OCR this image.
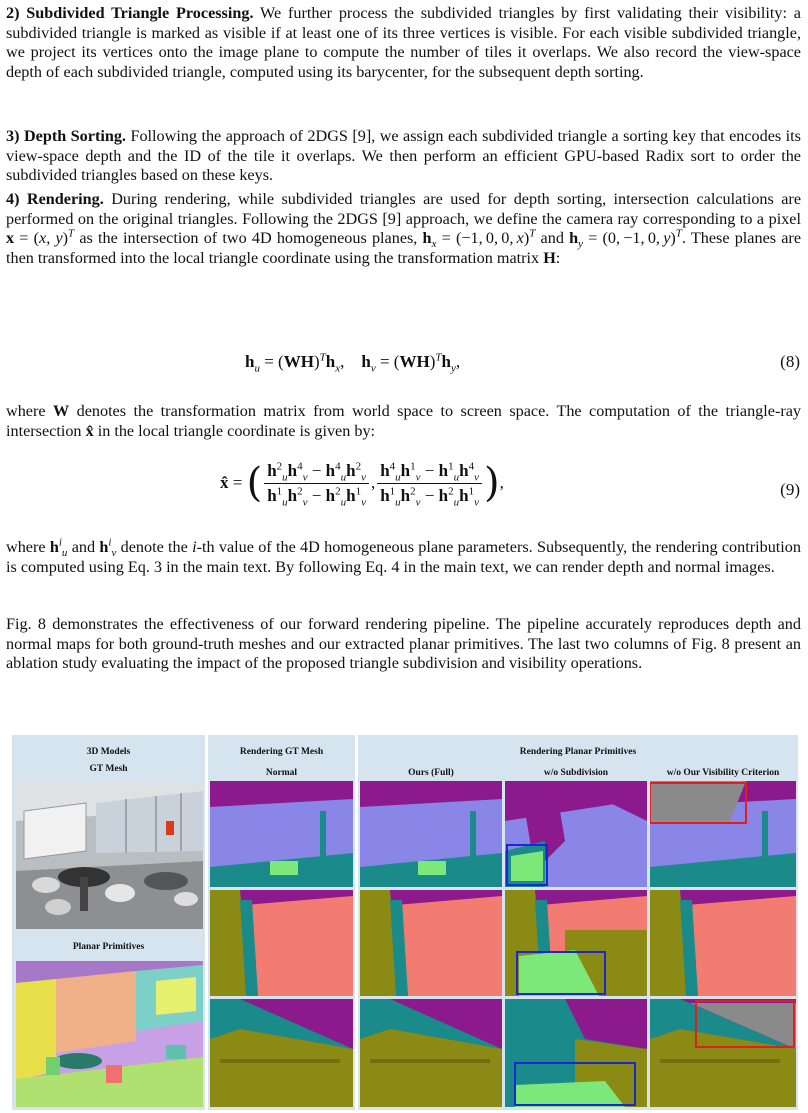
2) Subdivided Triangle Processing. We further process the subdivided triangles by first validating their visibility: a subdivided triangle is marked as visible if at least one of its three vertices is visible. For each visible subdivided triangle, we project its vertices onto the image plane to compute the number of tiles it overlaps. We also record the view-space depth of each subdivided triangle, computed using its barycenter, for the subsequent depth sorting.

3) Depth Sorting. Following the approach of 2DGS [9], we assign each subdivided triangle a sorting key that encodes its view-space depth and the ID of the tile it overlaps. We then perform an efficient GPU-based Radix sort to order the subdivided triangles based on these keys.

4) Rendering. During rendering, while subdivided triangles are used for depth sorting, intersection calculations are performed on the original triangles. Following the 2DGS [9] approach, we define the camera ray corresponding to a pixel x = (x, y)$^T$ as the intersection of two 4D homogeneous planes, $h_x = (-1$, 0, 0, x)$^T$ and $h_y = (0$, −1, 0, y)$^T$. These planes are then transformed into the local triangle coordinate using the transformation matrix H:

$h_u = (WH)^Th_x$,    $h_v = (WH)^Th_y$,	(8)

where W denotes the transformation matrix from world space to screen space. The computation of the triangle-ray intersection x̂ in the local triangle coordinate is given by:

x̂ = ( $\frac{h^2_uh^4_v - h^4_uh^2_v}{h^1_uh^2_v - h^2_uh^1_v}$ , $\frac{h^4_uh^1_v - h^1_uh^4_v}{h^1_uh^2_v - h^2_uh^1_v}$ ),	(9)

where $h^i_u$ and $h^i_v$ denote the i-th value of the 4D homogeneous plane parameters. Subsequently, the rendering contribution is computed using Eq. 3 in the main text. By following Eq. 4 in the main text, we can render depth and normal images.

Fig. 8 demonstrates the effectiveness of our forward rendering pipeline. The pipeline accurately reproduces depth and normal maps for both ground-truth meshes and our extracted planar primitives. The last two columns of Fig. 8 present an ablation study evaluating the impact of the proposed triangle subdivision and visibility operations.

3D Models
GT Mesh
Planar Primitives
Rendering GT Mesh
Normal
Rendering Planar Primitives
Ours (Full)	w/o Subdivision	w/o Our Visibility Criterion
